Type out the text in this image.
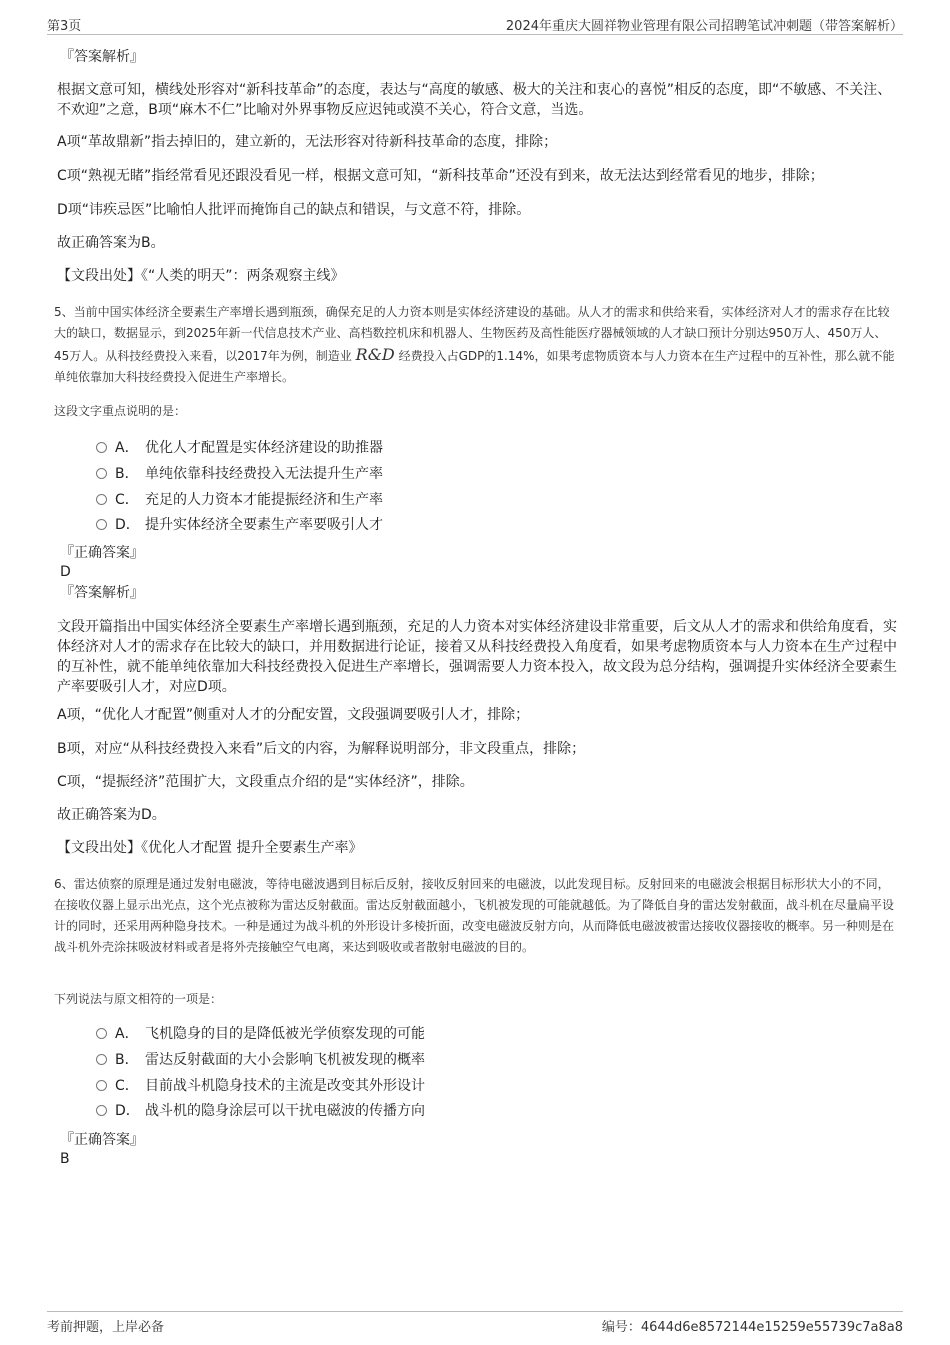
第3页	2024年重庆大圆祥物业管理有限公司招聘笔试冲刺题（带答案解析）
『答案解析』
根据文意可知，横线处形容对“新科技革命”的态度，表达与“高度的敏感、极大的关注和衷心的喜悦”相反的态度，即“不敏感、不关注、不欢迎”之意，B项“麻木不仁”比喻对外界事物反应迟钝或漠不关心，符合文意，当选。
A项“革故鼎新”指去掉旧的，建立新的，无法形容对待新科技革命的态度，排除；
C项“熟视无睹”指经常看见还跟没看见一样，根据文意可知，“新科技革命”还没有到来，故无法达到经常看见的地步，排除；
D项“讳疾忌医”比喻怕人批评而掩饰自己的缺点和错误，与文意不符，排除。
故正确答案为B。
【文段出处】《“人类的明天”：两条观察主线》
5、当前中国实体经济全要素生产率增长遇到瓶颈，确保充足的人力资本则是实体经济建设的基础。从人才的需求和供给来看，实体经济对人才的需求存在比较大的缺口，数据显示，到2025年新一代信息技术产业、高档数控机床和机器人、生物医药及高性能医疗器械领域的人才缺口预计分别达950万人、450万人、45万人。从科技经费投入来看，以2017年为例，制造业 R&D 经费投入占GDP的1.14%，如果考虑物质资本与人力资本在生产过程中的互补性，那么就不能单纯依靠加大科技经费投入促进生产率增长。
这段文字重点说明的是：
A． 优化人才配置是实体经济建设的助推器
B． 单纯依靠科技经费投入无法提升生产率
C． 充足的人力资本才能提振经济和生产率
D． 提升实体经济全要素生产率要吸引人才
『正确答案』
D
『答案解析』
文段开篇指出中国实体经济全要素生产率增长遇到瓶颈，充足的人力资本对实体经济建设非常重要，后文从人才的需求和供给角度看，实体经济对人才的需求存在比较大的缺口，并用数据进行论证，接着又从科技经费投入角度看，如果考虑物质资本与人力资本在生产过程中的互补性，就不能单纯依靠加大科技经费投入促进生产率增长，强调需要人力资本投入，故文段为总分结构，强调提升实体经济全要素生产率要吸引人才，对应D项。
A项，“优化人才配置”侧重对人才的分配安置，文段强调要吸引人才，排除；
B项，对应“从科技经费投入来看”后文的内容，为解释说明部分，非文段重点，排除；
C项，“提振经济”范围扩大，文段重点介绍的是“实体经济”，排除。
故正确答案为D。
【文段出处】《优化人才配置 提升全要素生产率》
6、雷达侦察的原理是通过发射电磁波，等待电磁波遇到目标后反射，接收反射回来的电磁波，以此发现目标。反射回来的电磁波会根据目标形状大小的不同，在接收仪器上显示出光点，这个光点被称为雷达反射截面。雷达反射截面越小，飞机被发现的可能就越低。为了降低自身的雷达发射截面，战斗机在尽量扁平设计的同时，还采用两种隐身技术。一种是通过为战斗机的外形设计多棱折面，改变电磁波反射方向，从而降低电磁波被雷达接收仪器接收的概率。另一种则是在战斗机外壳涂抹吸波材料或者是将外壳接触空气电离，来达到吸收或者散射电磁波的目的。
下列说法与原文相符的一项是：
A． 飞机隐身的目的是降低被光学侦察发现的可能
B． 雷达反射截面的大小会影响飞机被发现的概率
C． 目前战斗机隐身技术的主流是改变其外形设计
D． 战斗机的隐身涂层可以干扰电磁波的传播方向
『正确答案』
B
考前押题，上岸必备	编号：4644d6e8572144e15259e55739c7a8a8
